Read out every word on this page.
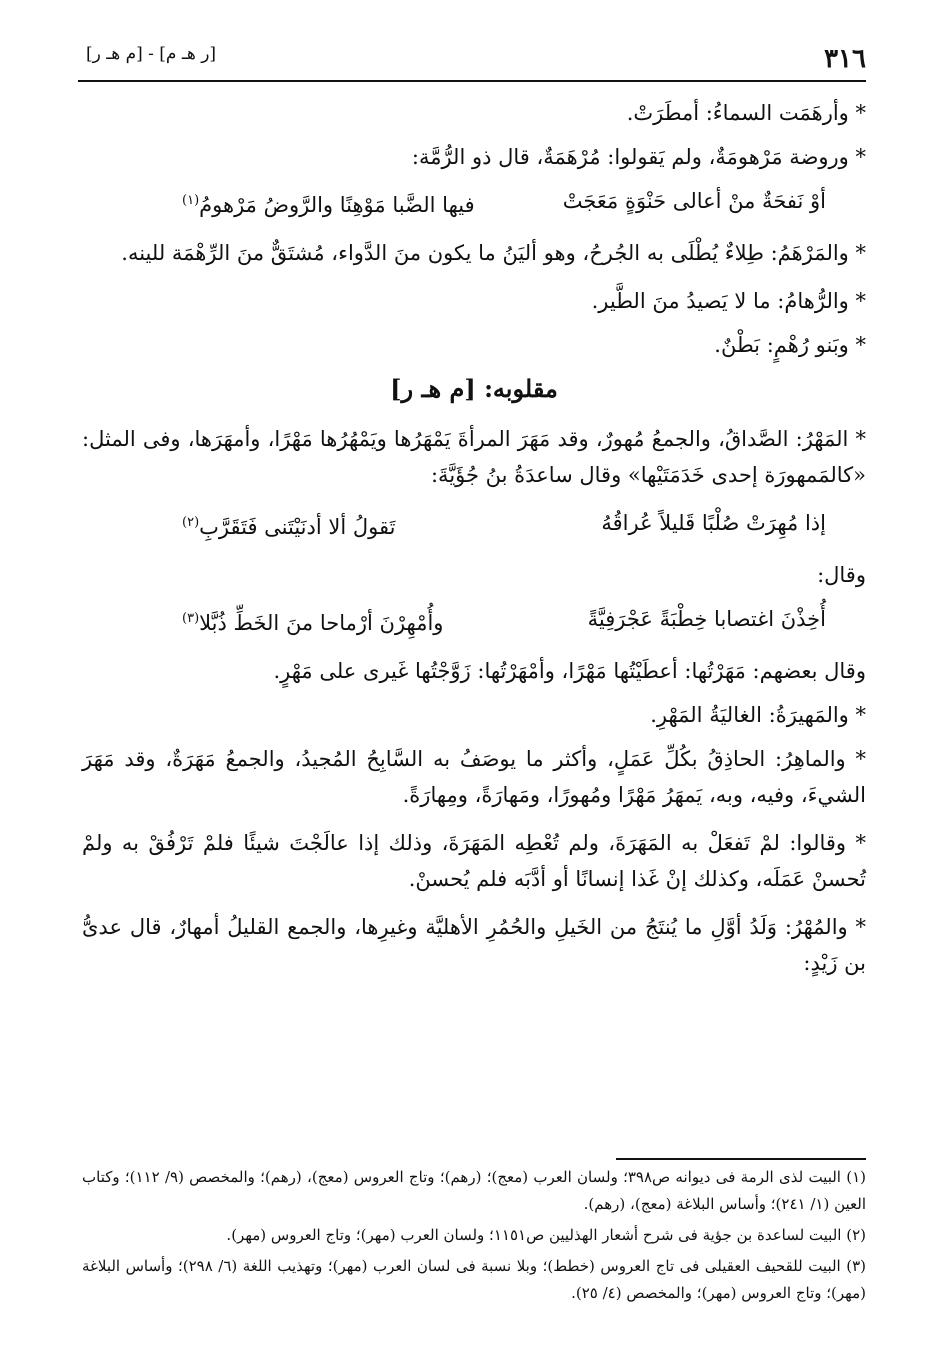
٣١٦
[ر هـ م] - [م هـ ر]

* وأرهَمَت السماءُ: أمطَرَتْ.

* وروضة مَرْهومَةٌ، ولم يَقولوا: مُرْهَمَةٌ، قال ذو الرُّمَّة:

أوْ نَفحَةٌ منْ أعالى حَنْوَةٍ مَعَجَتْ
فيها الضَّبا مَوْهِنًا والرَّوضُ مَرْهومُ$^{(١)}$

* والمَرْهَمُ: طِلاءٌ يُطْلَى به الجُرحُ، وهو أليَنُ ما يكون منَ الدَّواء، مُشتَقٌّ منَ الرِّهْمَة للينه.

* والرُّهامُ: ما لا يَصيدُ منَ الطَّير.

* وبَنو رُهْمٍ: بَطْنٌ.

مقلوبه: [م هـ ر]

* المَهْرُ: الصَّداقُ، والجمعُ مُهورٌ، وقد مَهَرَ المرأةَ يَمْهَرُها ويَمْهُرُها مَهْرًا، وأمهَرَها، وفى المثل: «كالمَمهورَة إحدى خَدَمَتَيْها» وقال ساعدَةُ بنُ جُؤَيَّةَ:

إذا مُهِرَتْ صُلْبًا قَليلاً عُراقُهُ
تَقولُ ألا أدنَيْتَنى فَتَقَرَّبِ$^{(٢)}$

وقال:

أُخِذْنَ اغتصابا خِطْبَةً عَجْرَفِيَّةً
وأُمْهِرْنَ أرْماحا منَ الخَطِّ ذُبَّلا$^{(٣)}$

وقال بعضهم: مَهَرْتُها: أعطَيْتُها مَهْرًا، وأمْهَرْتُها: زَوَّجْتُها غَيرى على مَهْرٍ.

* والمَهيرَةُ: الغاليَةُ المَهْرِ.

* والماهِرُ: الحاذِقُ بكُلِّ عَمَلٍ، وأكثر ما يوصَفُ به السَّابِحُ المُجيدُ، والجمعُ مَهَرَةٌ، وقد مَهَرَ الشيءَ، وفيه، وبه، يَمهَرُ مَهْرًا ومُهورًا، ومَهارَةً، ومِهارَةً.

* وقالوا: لمْ تَفعَلْ به المَهَرَةَ، ولم تُعْطِه المَهَرَةَ، وذلك إذا عالَجْتَ شيئًا فلمْ تَرْفُقْ به ولمْ تُحسنْ عَمَلَه، وكذلك إنْ غَذا إنسانًا أو أدَّبَه فلم يُحسنْ.

* والمُهْرُ: وَلَدُ أوَّلِ ما يُنتَجُ من الخَيلِ والحُمُرِ الأهليَّة وغيرِها، والجمع القليلُ أمهارٌ، قال عدىُّ بن زَيْدٍ:

(١) البيت لذى الرمة فى ديوانه ص٣٩٨؛ ولسان العرب (معج)؛ (رهم)؛ وتاج العروس (معج)، (رهم)؛ والمخصص (٩/ ١١٢)؛ وكتاب العين (١/ ٢٤١)؛ وأساس البلاغة (معج)، (رهم).

(٢) البيت لساعدة بن جؤية فى شرح أشعار الهذليين ص١١٥١؛ ولسان العرب (مهر)؛ وتاج العروس (مهر).

(٣) البيت للقحيف العقيلى فى تاج العروس (خطط)؛ وبلا نسبة فى لسان العرب (مهر)؛ وتهذيب اللغة (٦/ ٢٩٨)؛ وأساس البلاغة (مهر)؛ وتاج العروس (مهر)؛ والمخصص (٤/ ٢٥).
